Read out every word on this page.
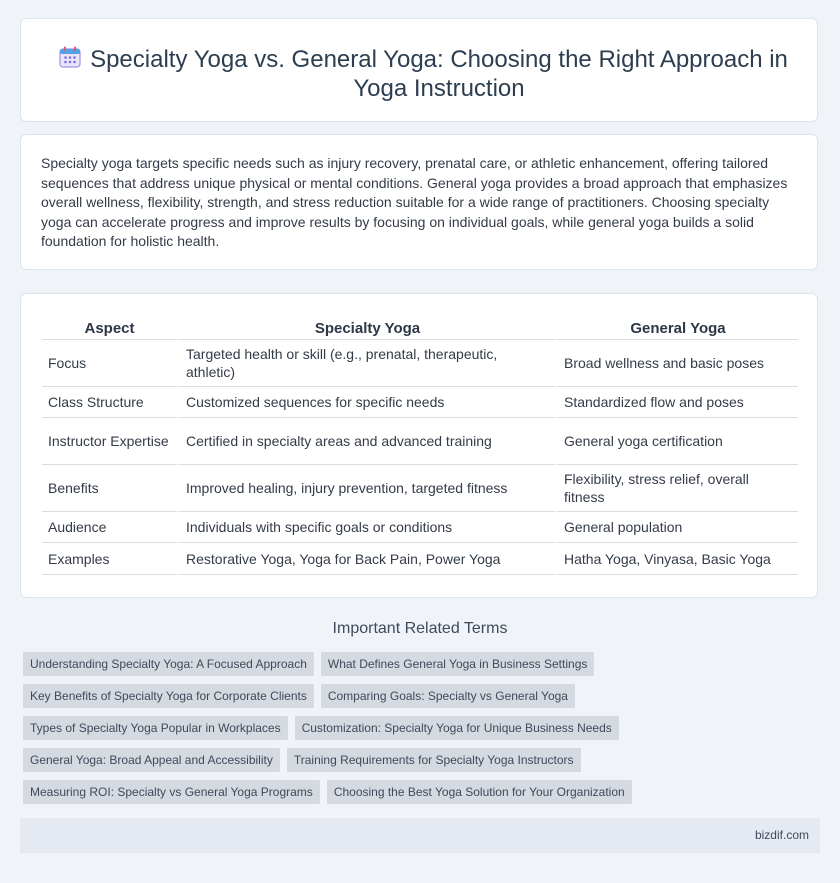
Specialty Yoga vs. General Yoga: Choosing the Right Approach in Yoga Instruction

Specialty yoga targets specific needs such as injury recovery, prenatal care, or athletic enhancement, offering tailored sequences that address unique physical or mental conditions. General yoga provides a broad approach that emphasizes overall wellness, flexibility, strength, and stress reduction suitable for a wide range of practitioners. Choosing specialty yoga can accelerate progress and improve results by focusing on individual goals, while general yoga builds a solid foundation for holistic health.

Aspect	Specialty Yoga	General Yoga
Focus	Targeted health or skill (e.g., prenatal, therapeutic, athletic)	Broad wellness and basic poses
Class Structure	Customized sequences for specific needs	Standardized flow and poses
Instructor Expertise	Certified in specialty areas and advanced training	General yoga certification
Benefits	Improved healing, injury prevention, targeted fitness	Flexibility, stress relief, overall fitness
Audience	Individuals with specific goals or conditions	General population
Examples	Restorative Yoga, Yoga for Back Pain, Power Yoga	Hatha Yoga, Vinyasa, Basic Yoga
Important Related Terms
Understanding Specialty Yoga: A Focused Approach	What Defines General Yoga in Business Settings
Key Benefits of Specialty Yoga for Corporate Clients	Comparing Goals: Specialty vs General Yoga
Types of Specialty Yoga Popular in Workplaces	Customization: Specialty Yoga for Unique Business Needs
General Yoga: Broad Appeal and Accessibility	Training Requirements for Specialty Yoga Instructors
Measuring ROI: Specialty vs General Yoga Programs	Choosing the Best Yoga Solution for Your Organization
bizdif.com
